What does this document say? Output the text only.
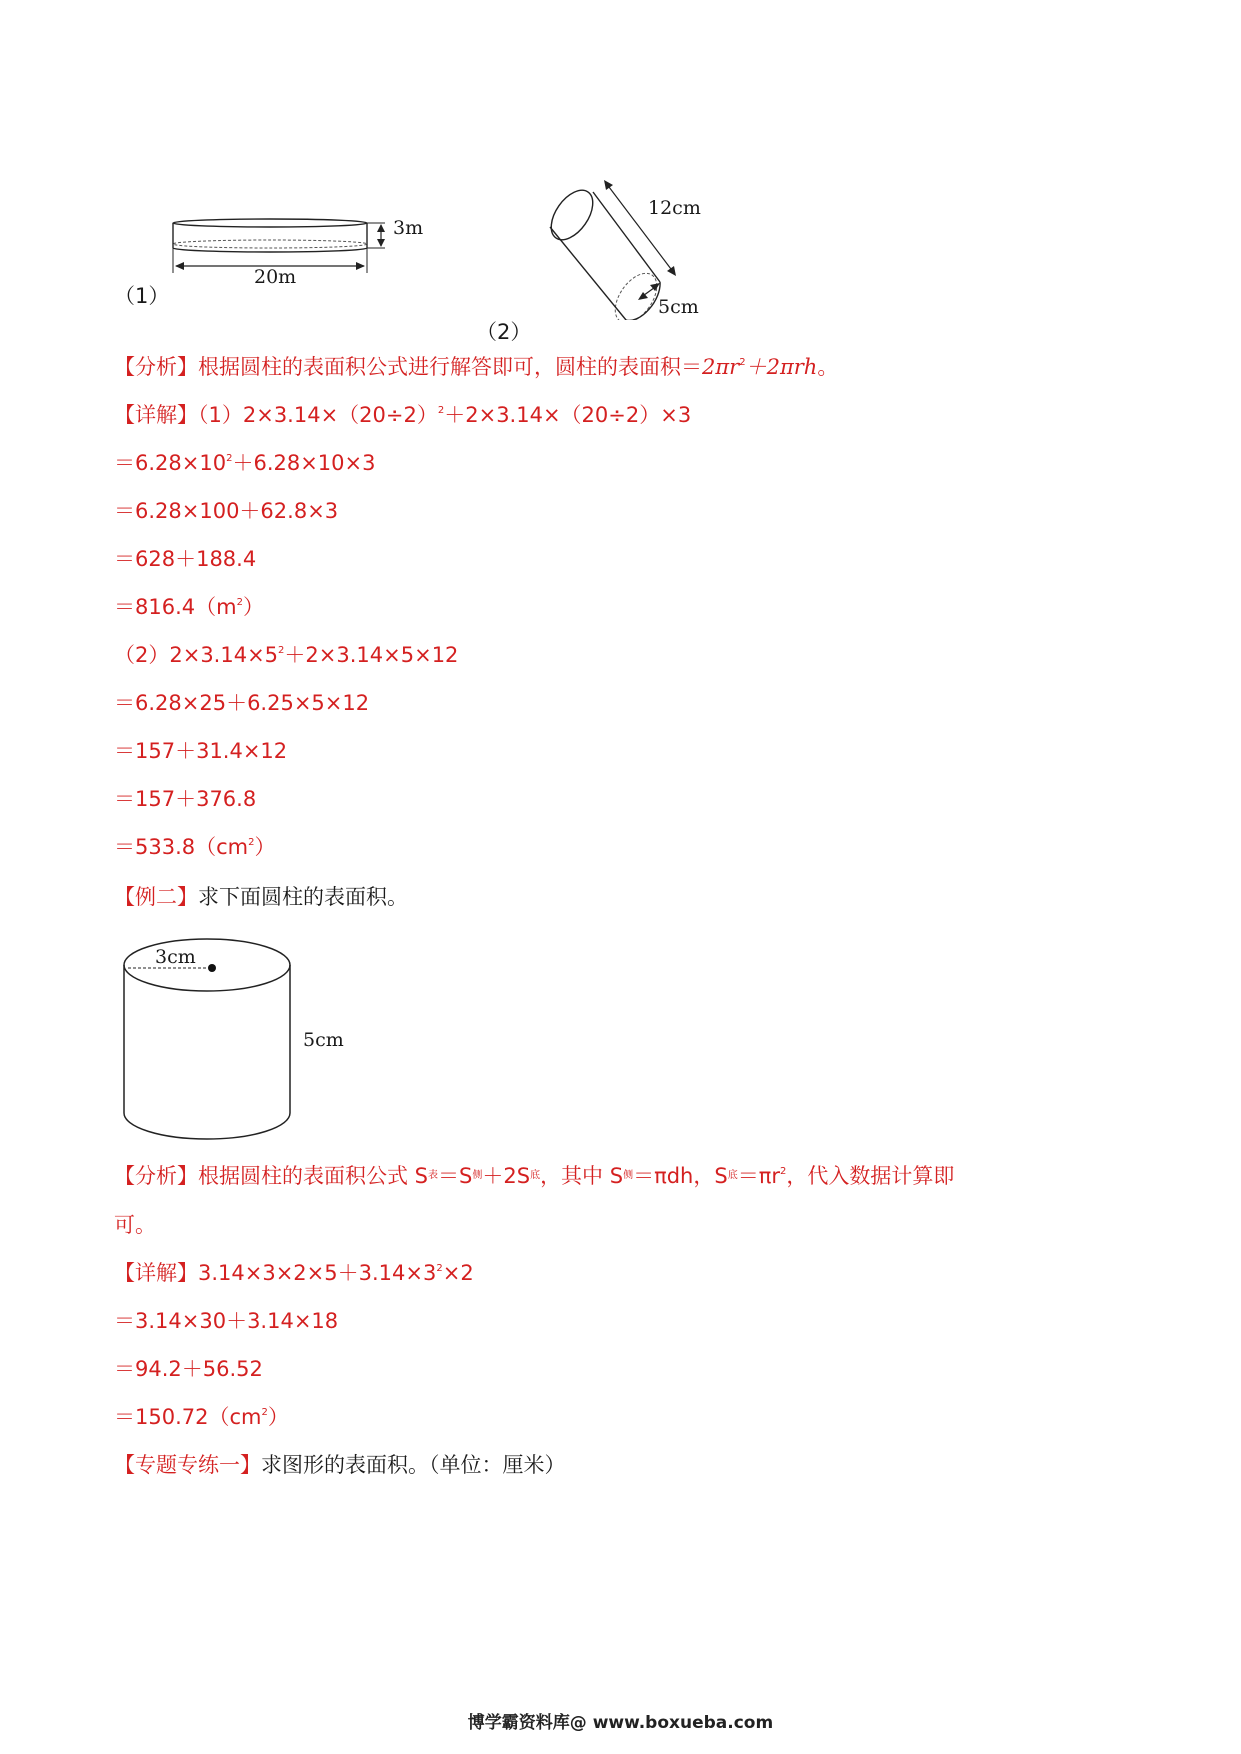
3m
20m
（1）
12cm
5cm
（2）
【分析】根据圆柱的表面积公式进行解答即可，圆柱的表面积$=2\pi r^2+2\pi rh$。
【详解】$(1)2\times 3.14\times(20\div 2)^2+2\times 3.14\times(20\div 2)\times 3$
$=6.28\times 10^2+6.28\times 10\times 3$
＝6.28×100＋62.8×3
＝628＋188.4
$=816.4(m^2)$
$(2)2\times 3.14\times 5^2+2\times 3.14\times 5\times 12$
＝6.28×25＋6.25×5×12
＝157＋31.4×12
＝157＋376.8
$=533.8(cm^2)$
【例二】求下面圆柱的表面积。
3cm
5cm
【分析】根据圆柱的表面积公式 S表＝S侧＋2S底，其中 S侧＝πdh，S底$=\pi r^2$，代入数据计算即
可。
【详解】$3.14\times 3\times 2\times 5+3.14\times 3^2\times 2$
＝3.14×30＋3.14×18
＝94.2＋56.52
$=150.72(cm^2)$
【专题专练一】求图形的表面积。（单位：厘米）
博学霸资料库@ www.boxueba.com
